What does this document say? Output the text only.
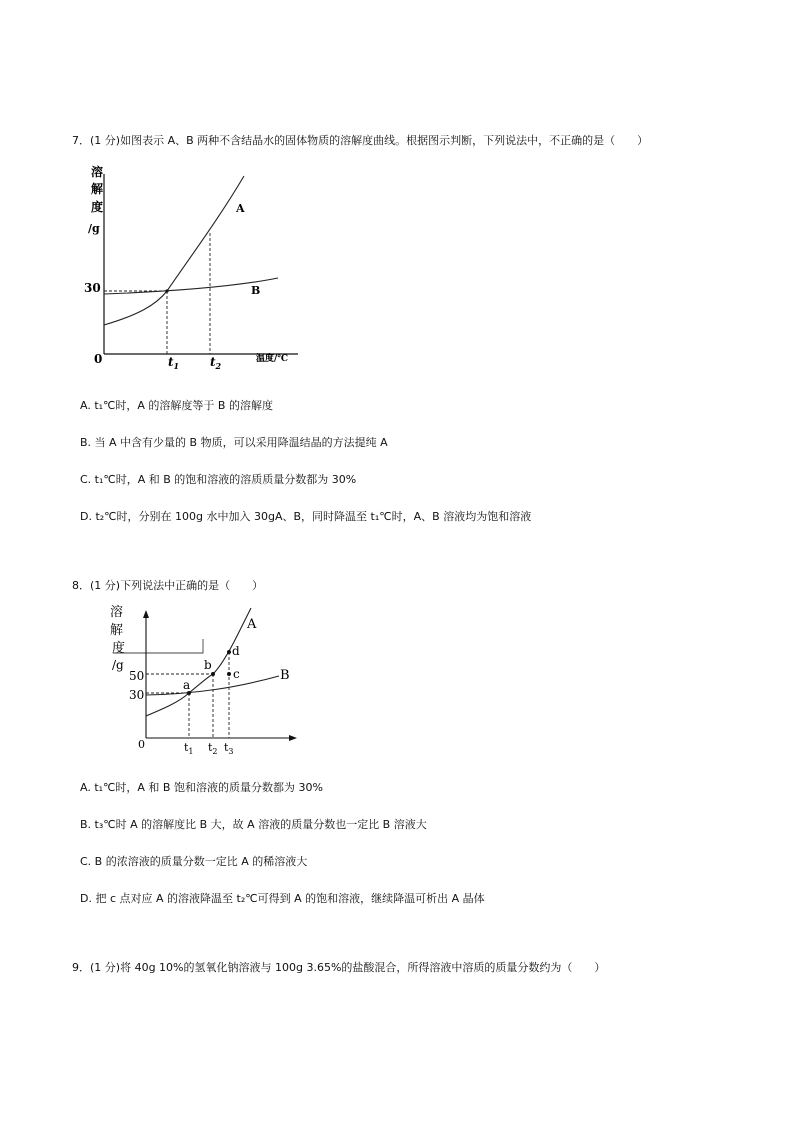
7．(1 分)如图表示 A、B 两种不含结晶水的固体物质的溶解度曲线。根据图示判断，下列说法中，不正确的是（　　）
溶
解
度
/g
0
30
$t_1$	$t_2$
温度/℃
A
B
A. t₁℃时，A 的溶解度等于 B 的溶解度
B. 当 A 中含有少量的 B 物质，可以采用降温结晶的方法提纯 A
C. t₁℃时，A 和 B 的饱和溶液的溶质质量分数都为 30%
D. t₂℃时，分别在 100g 水中加入 30gA、B，同时降温至 t₁℃时，A、B 溶液均为饱和溶液
8．(1 分)下列说法中正确的是（　　）
溶
解
度
/g
0
50
30
$t_1$ $t_2$ $t_3$
A
B
a
b
c
d
A. t₁℃时，A 和 B 饱和溶液的质量分数都为 30%
B. t₃℃时 A 的溶解度比 B 大，故 A 溶液的质量分数也一定比 B 溶液大
C. B 的浓溶液的质量分数一定比 A 的稀溶液大
D. 把 c 点对应 A 的溶液降温至 t₂℃可得到 A 的饱和溶液，继续降温可析出 A 晶体
9．(1 分)将 40g 10%的氢氧化钠溶液与 100g 3.65%的盐酸混合，所得溶液中溶质的质量分数约为（　　）
